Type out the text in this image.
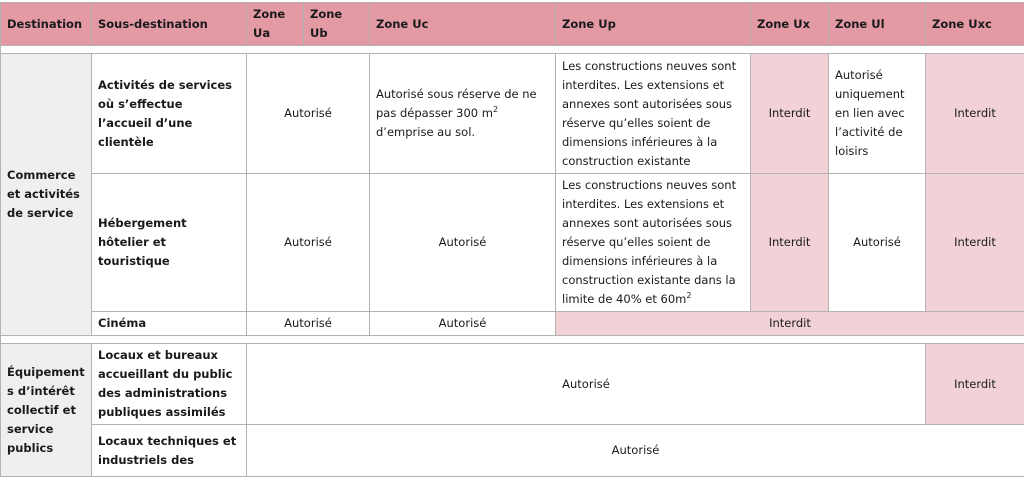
Destination	Sous-destination	Zone Ua	Zone Ub	Zone Uc	Zone Up	Zone Ux	Zone Ul	Zone Uxc

Commerce et activités de service	Activités de services où s’effectue l’accueil d’une clientèle	Autorisé		Autorisé sous réserve de ne pas dépasser 300 $m^2$ d’emprise au sol.	Les constructions neuves sont interdites. Les extensions et annexes sont autorisées sous réserve qu’elles soient de dimensions inférieures à la construction existante	Interdit	Autorisé uniquement en lien avec l’activité de loisirs	Interdit
	Hébergement hôtelier et touristique	Autorisé		Autorisé	Les constructions neuves sont interdites. Les extensions et annexes sont autorisées sous réserve qu’elles soient de dimensions inférieures à la construction existante dans la limite de 40% et $60m^2$	Interdit	Autorisé	Interdit
	Cinéma	Autorisé		Autorisé	Interdit			

Équipements d’intérêt collectif et service publics	Locaux et bureaux accueillant du public des administrations publiques assimilés	Autorisé						Interdit
	Locaux techniques et industriels des	Autorisé						
